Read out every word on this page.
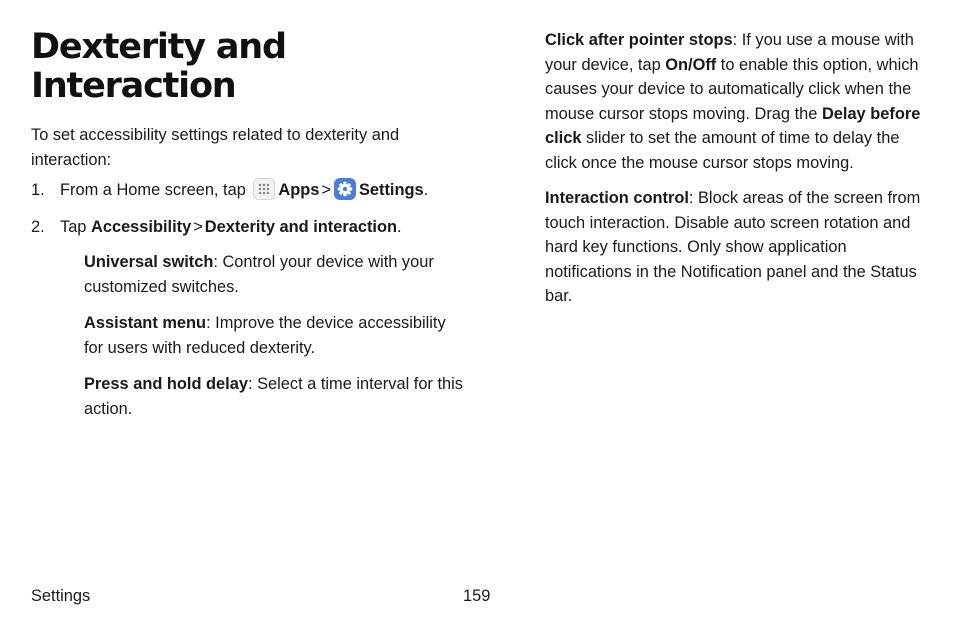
Dexterity and
Interaction

To set accessibility settings related to dexterity and interaction:

1. From a Home screen, tap Apps > Settings.

2. Tap Accessibility > Dexterity and interaction.

Universal switch: Control your device with your customized switches.

Assistant menu: Improve the device accessibility for users with reduced dexterity.

Press and hold delay: Select a time interval for this action.

Click after pointer stops: If you use a mouse with your device, tap On/Off to enable this option, which causes your device to automatically click when the mouse cursor stops moving. Drag the Delay before click slider to set the amount of time to delay the click once the mouse cursor stops moving.

Interaction control: Block areas of the screen from touch interaction. Disable auto screen rotation and hard key functions. Only show application notifications in the Notification panel and the Status bar.

Settings	159
